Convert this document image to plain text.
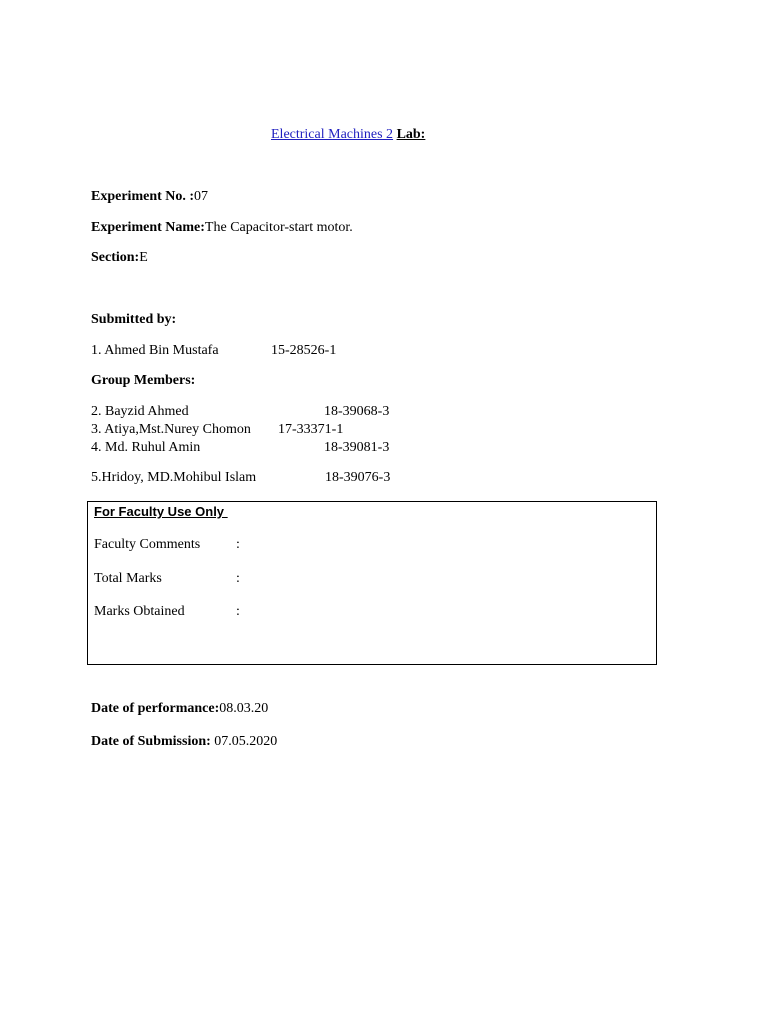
Electrical Machines 2 Lab:
Experiment No. :07
Experiment Name:The Capacitor-start motor.
Section:E
Submitted by:
1. Ahmed Bin Mustafa	15-28526-1
Group Members:
2. Bayzid Ahmed	18-39068-3
3. Atiya,Mst.Nurey Chomon 17-33371-1
4. Md. Ruhul Amin	18-39081-3
5.Hridoy, MD.Mohibul Islam	18-39076-3
For Faculty Use Only
Faculty Comments	:
Total Marks	:
Marks Obtained	:
Date of performance:08.03.20
Date of Submission: 07.05.2020
